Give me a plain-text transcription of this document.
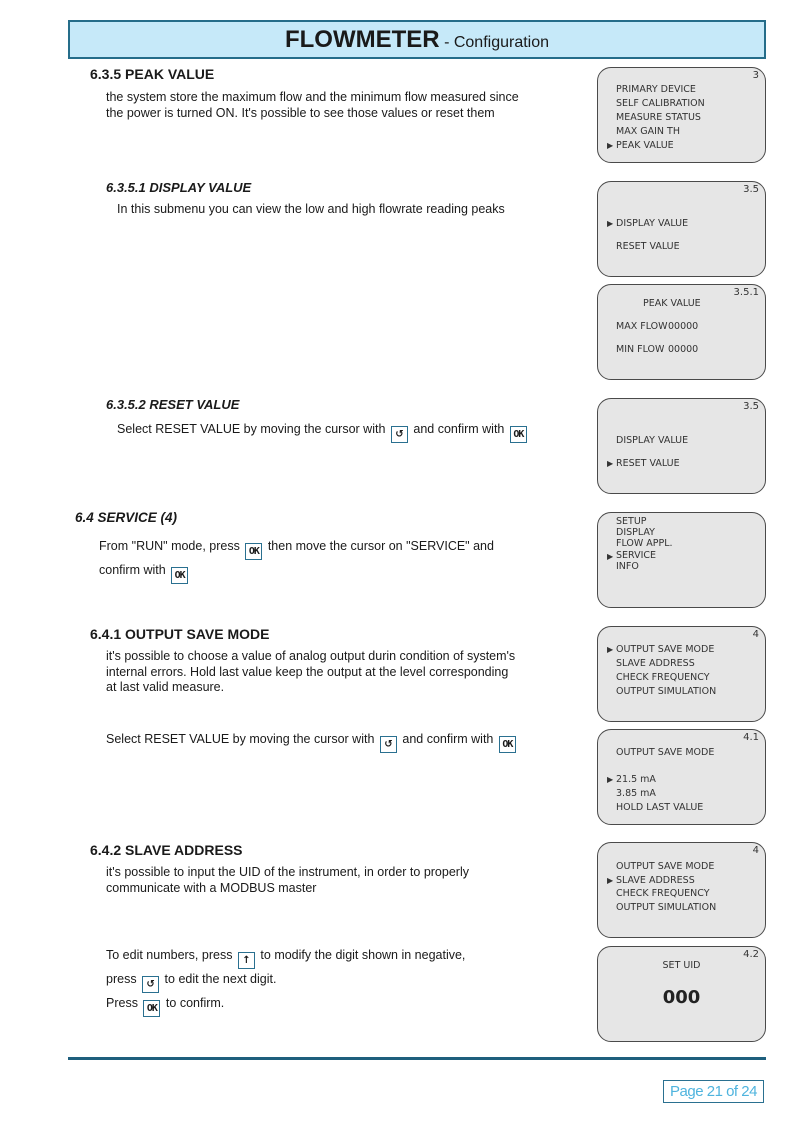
FLOWMETER - Configuration
6.3.5 PEAK VALUE
the system store the maximum flow and the minimum flow measured since
the power is turned ON. It's possible to see those values or reset them
6.3.5.1 DISPLAY VALUE
In this submenu you can view the low and high flowrate reading peaks
6.3.5.2 RESET VALUE
Select RESET VALUE by moving the cursor with ↺ and confirm with OK
6.4 SERVICE (4)
From "RUN" mode, press OK then move the cursor on "SERVICE" and
confirm with OK
6.4.1 OUTPUT SAVE MODE
it's possible to choose a value of analog output durin condition of system's
internal errors. Hold last value keep the output at the level corresponding
at last valid measure.
Select RESET VALUE by moving the cursor with ↺ and confirm with OK
6.4.2 SLAVE ADDRESS
it's possible to input the UID of the instrument, in order to properly
communicate with a MODBUS master
To edit numbers, press ↑ to modify the digit shown in negative,
press ↺ to edit the next digit.
Press OK to confirm.
3
PRIMARY DEVICE
SELF CALIBRATION
MEASURE STATUS
MAX GAIN TH
▶ PEAK VALUE
3.5
▶ DISPLAY VALUE
RESET VALUE
3.5.1
PEAK VALUE
MAX FLOW 00000
MIN FLOW 00000
3.5
DISPLAY VALUE
▶ RESET VALUE
SETUP
DISPLAY
FLOW APPL.
▶ SERVICE
INFO
4
▶ OUTPUT SAVE MODE
SLAVE ADDRESS
CHECK FREQUENCY
OUTPUT SIMULATION
4.1
OUTPUT SAVE MODE
▶ 21.5 mA
3.85 mA
HOLD LAST VALUE
4
OUTPUT SAVE MODE
▶ SLAVE ADDRESS
CHECK FREQUENCY
OUTPUT SIMULATION
4.2
SET UID
000
Page 21 of 24
